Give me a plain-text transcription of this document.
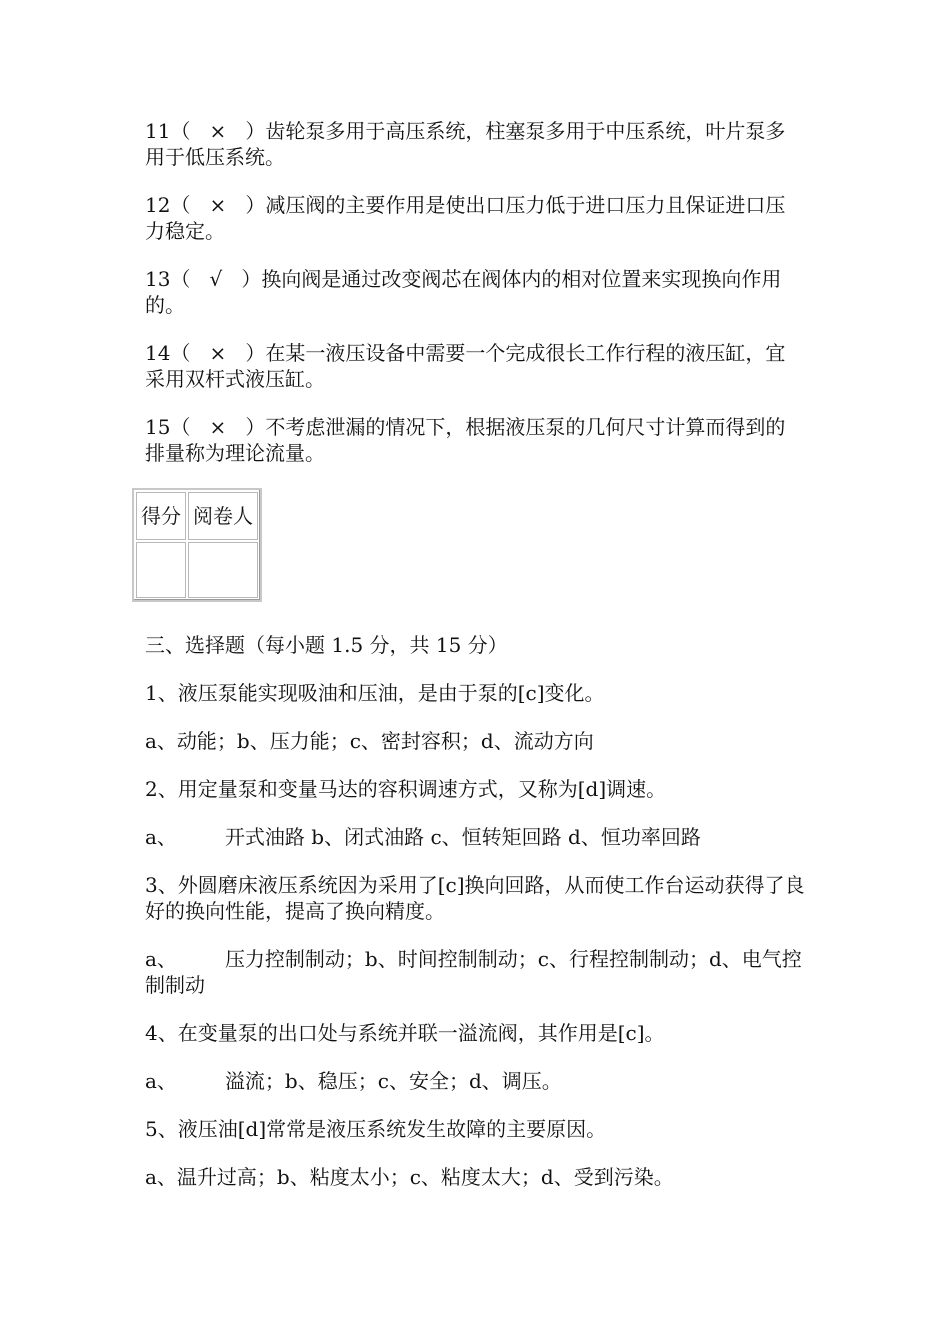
11（ × ）齿轮泵多用于高压系统，柱塞泵多用于中压系统，叶片泵多用于低压系统。

12（ × ）减压阀的主要作用是使出口压力低于进口压力且保证进口压力稳定。

13（ √ ）换向阀是通过改变阀芯在阀体内的相对位置来实现换向作用的。

14（ × ）在某一液压设备中需要一个完成很长工作行程的液压缸，宜采用双杆式液压缸。

15（ × ）不考虑泄漏的情况下，根据液压泵的几何尺寸计算而得到的排量称为理论流量。

得分	阅卷人

三、选择题（每小题 1.5 分，共 15 分）

1、液压泵能实现吸油和压油，是由于泵的[c]变化。

a、动能；b、压力能；c、密封容积；d、流动方向

2、用定量泵和变量马达的容积调速方式，又称为[d]调速。

a、 开式油路 b、闭式油路 c、恒转矩回路 d、恒功率回路

3、外圆磨床液压系统因为采用了[c]换向回路，从而使工作台运动获得了良好的换向性能，提高了换向精度。

a、 压力控制制动；b、时间控制制动；c、行程控制制动；d、电气控制制动

4、在变量泵的出口处与系统并联一溢流阀，其作用是[c]。

a、 溢流；b、稳压；c、安全；d、调压。

5、液压油[d]常常是液压系统发生故障的主要原因。

a、温升过高；b、粘度太小；c、粘度太大；d、受到污染。
